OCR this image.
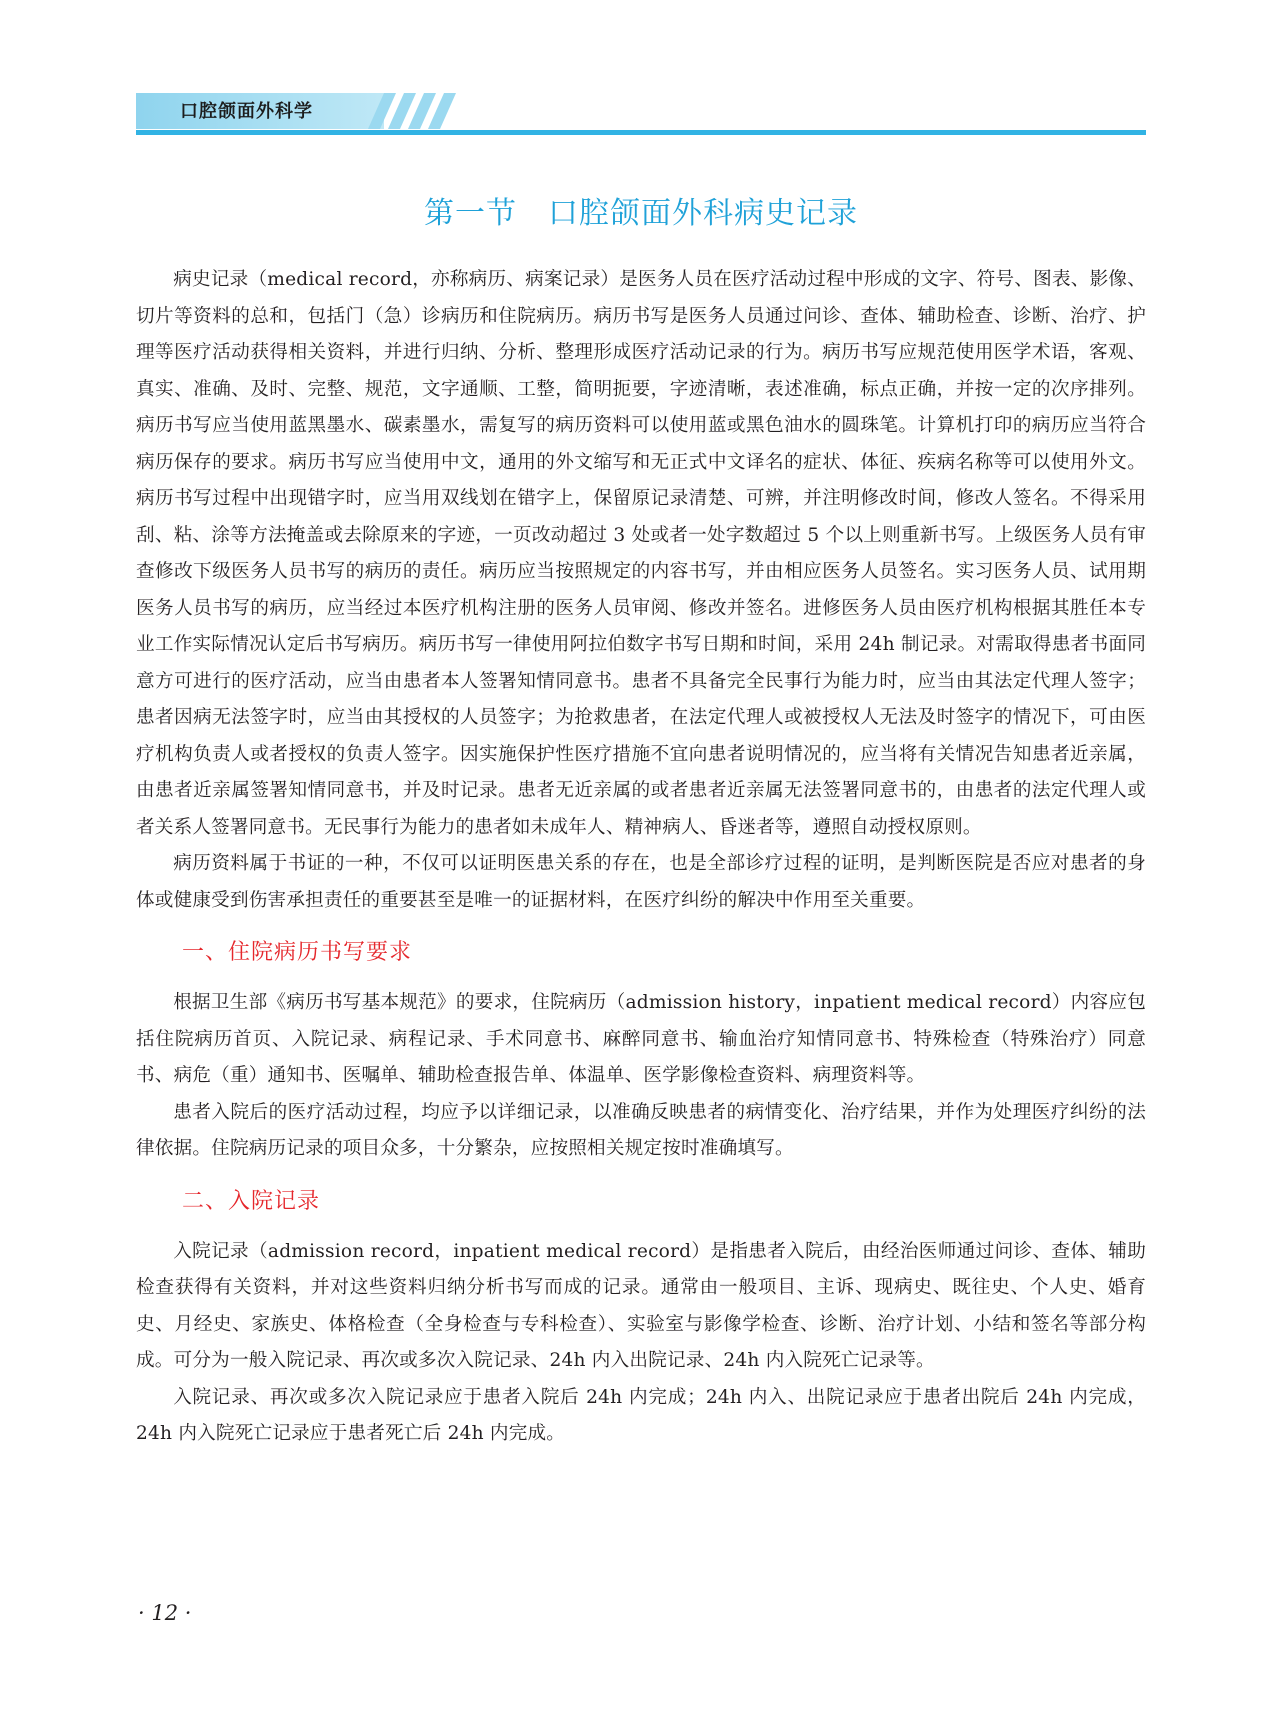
口腔颌面外科学
第一节　口腔颌面外科病史记录

病史记录（medical record，亦称病历、病案记录）是医务人员在医疗活动过程中形成的文字、符号、图表、影像、切片等资料的总和，包括门（急）诊病历和住院病历。病历书写是医务人员通过问诊、查体、辅助检查、诊断、治疗、护理等医疗活动获得相关资料，并进行归纳、分析、整理形成医疗活动记录的行为。病历书写应规范使用医学术语，客观、真实、准确、及时、完整、规范，文字通顺、工整，简明扼要，字迹清晰，表述准确，标点正确，并按一定的次序排列。病历书写应当使用蓝黑墨水、碳素墨水，需复写的病历资料可以使用蓝或黑色油水的圆珠笔。计算机打印的病历应当符合病历保存的要求。病历书写应当使用中文，通用的外文缩写和无正式中文译名的症状、体征、疾病名称等可以使用外文。病历书写过程中出现错字时，应当用双线划在错字上，保留原记录清楚、可辨，并注明修改时间，修改人签名。不得采用刮、粘、涂等方法掩盖或去除原来的字迹，一页改动超过 3 处或者一处字数超过 5 个以上则重新书写。上级医务人员有审查修改下级医务人员书写的病历的责任。病历应当按照规定的内容书写，并由相应医务人员签名。实习医务人员、试用期医务人员书写的病历，应当经过本医疗机构注册的医务人员审阅、修改并签名。进修医务人员由医疗机构根据其胜任本专业工作实际情况认定后书写病历。病历书写一律使用阿拉伯数字书写日期和时间，采用 24h 制记录。对需取得患者书面同意方可进行的医疗活动，应当由患者本人签署知情同意书。患者不具备完全民事行为能力时，应当由其法定代理人签字；患者因病无法签字时，应当由其授权的人员签字；为抢救患者，在法定代理人或被授权人无法及时签字的情况下，可由医疗机构负责人或者授权的负责人签字。因实施保护性医疗措施不宜向患者说明情况的，应当将有关情况告知患者近亲属，由患者近亲属签署知情同意书，并及时记录。患者无近亲属的或者患者近亲属无法签署同意书的，由患者的法定代理人或者关系人签署同意书。无民事行为能力的患者如未成年人、精神病人、昏迷者等，遵照自动授权原则。

病历资料属于书证的一种，不仅可以证明医患关系的存在，也是全部诊疗过程的证明，是判断医院是否应对患者的身体或健康受到伤害承担责任的重要甚至是唯一的证据材料，在医疗纠纷的解决中作用至关重要。

一、住院病历书写要求

根据卫生部《病历书写基本规范》的要求，住院病历（admission history，inpatient medical record）内容应包括住院病历首页、入院记录、病程记录、手术同意书、麻醉同意书、输血治疗知情同意书、特殊检查（特殊治疗）同意书、病危（重）通知书、医嘱单、辅助检查报告单、体温单、医学影像检查资料、病理资料等。

患者入院后的医疗活动过程，均应予以详细记录，以准确反映患者的病情变化、治疗结果，并作为处理医疗纠纷的法律依据。住院病历记录的项目众多，十分繁杂，应按照相关规定按时准确填写。

二、入院记录

入院记录（admission record，inpatient medical record）是指患者入院后，由经治医师通过问诊、查体、辅助检查获得有关资料，并对这些资料归纳分析书写而成的记录。通常由一般项目、主诉、现病史、既往史、个人史、婚育史、月经史、家族史、体格检查（全身检查与专科检查）、实验室与影像学检查、诊断、治疗计划、小结和签名等部分构成。可分为一般入院记录、再次或多次入院记录、24h 内入出院记录、24h 内入院死亡记录等。

入院记录、再次或多次入院记录应于患者入院后 24h 内完成；24h 内入、出院记录应于患者出院后 24h 内完成，24h 内入院死亡记录应于患者死亡后 24h 内完成。

· 12 ·
